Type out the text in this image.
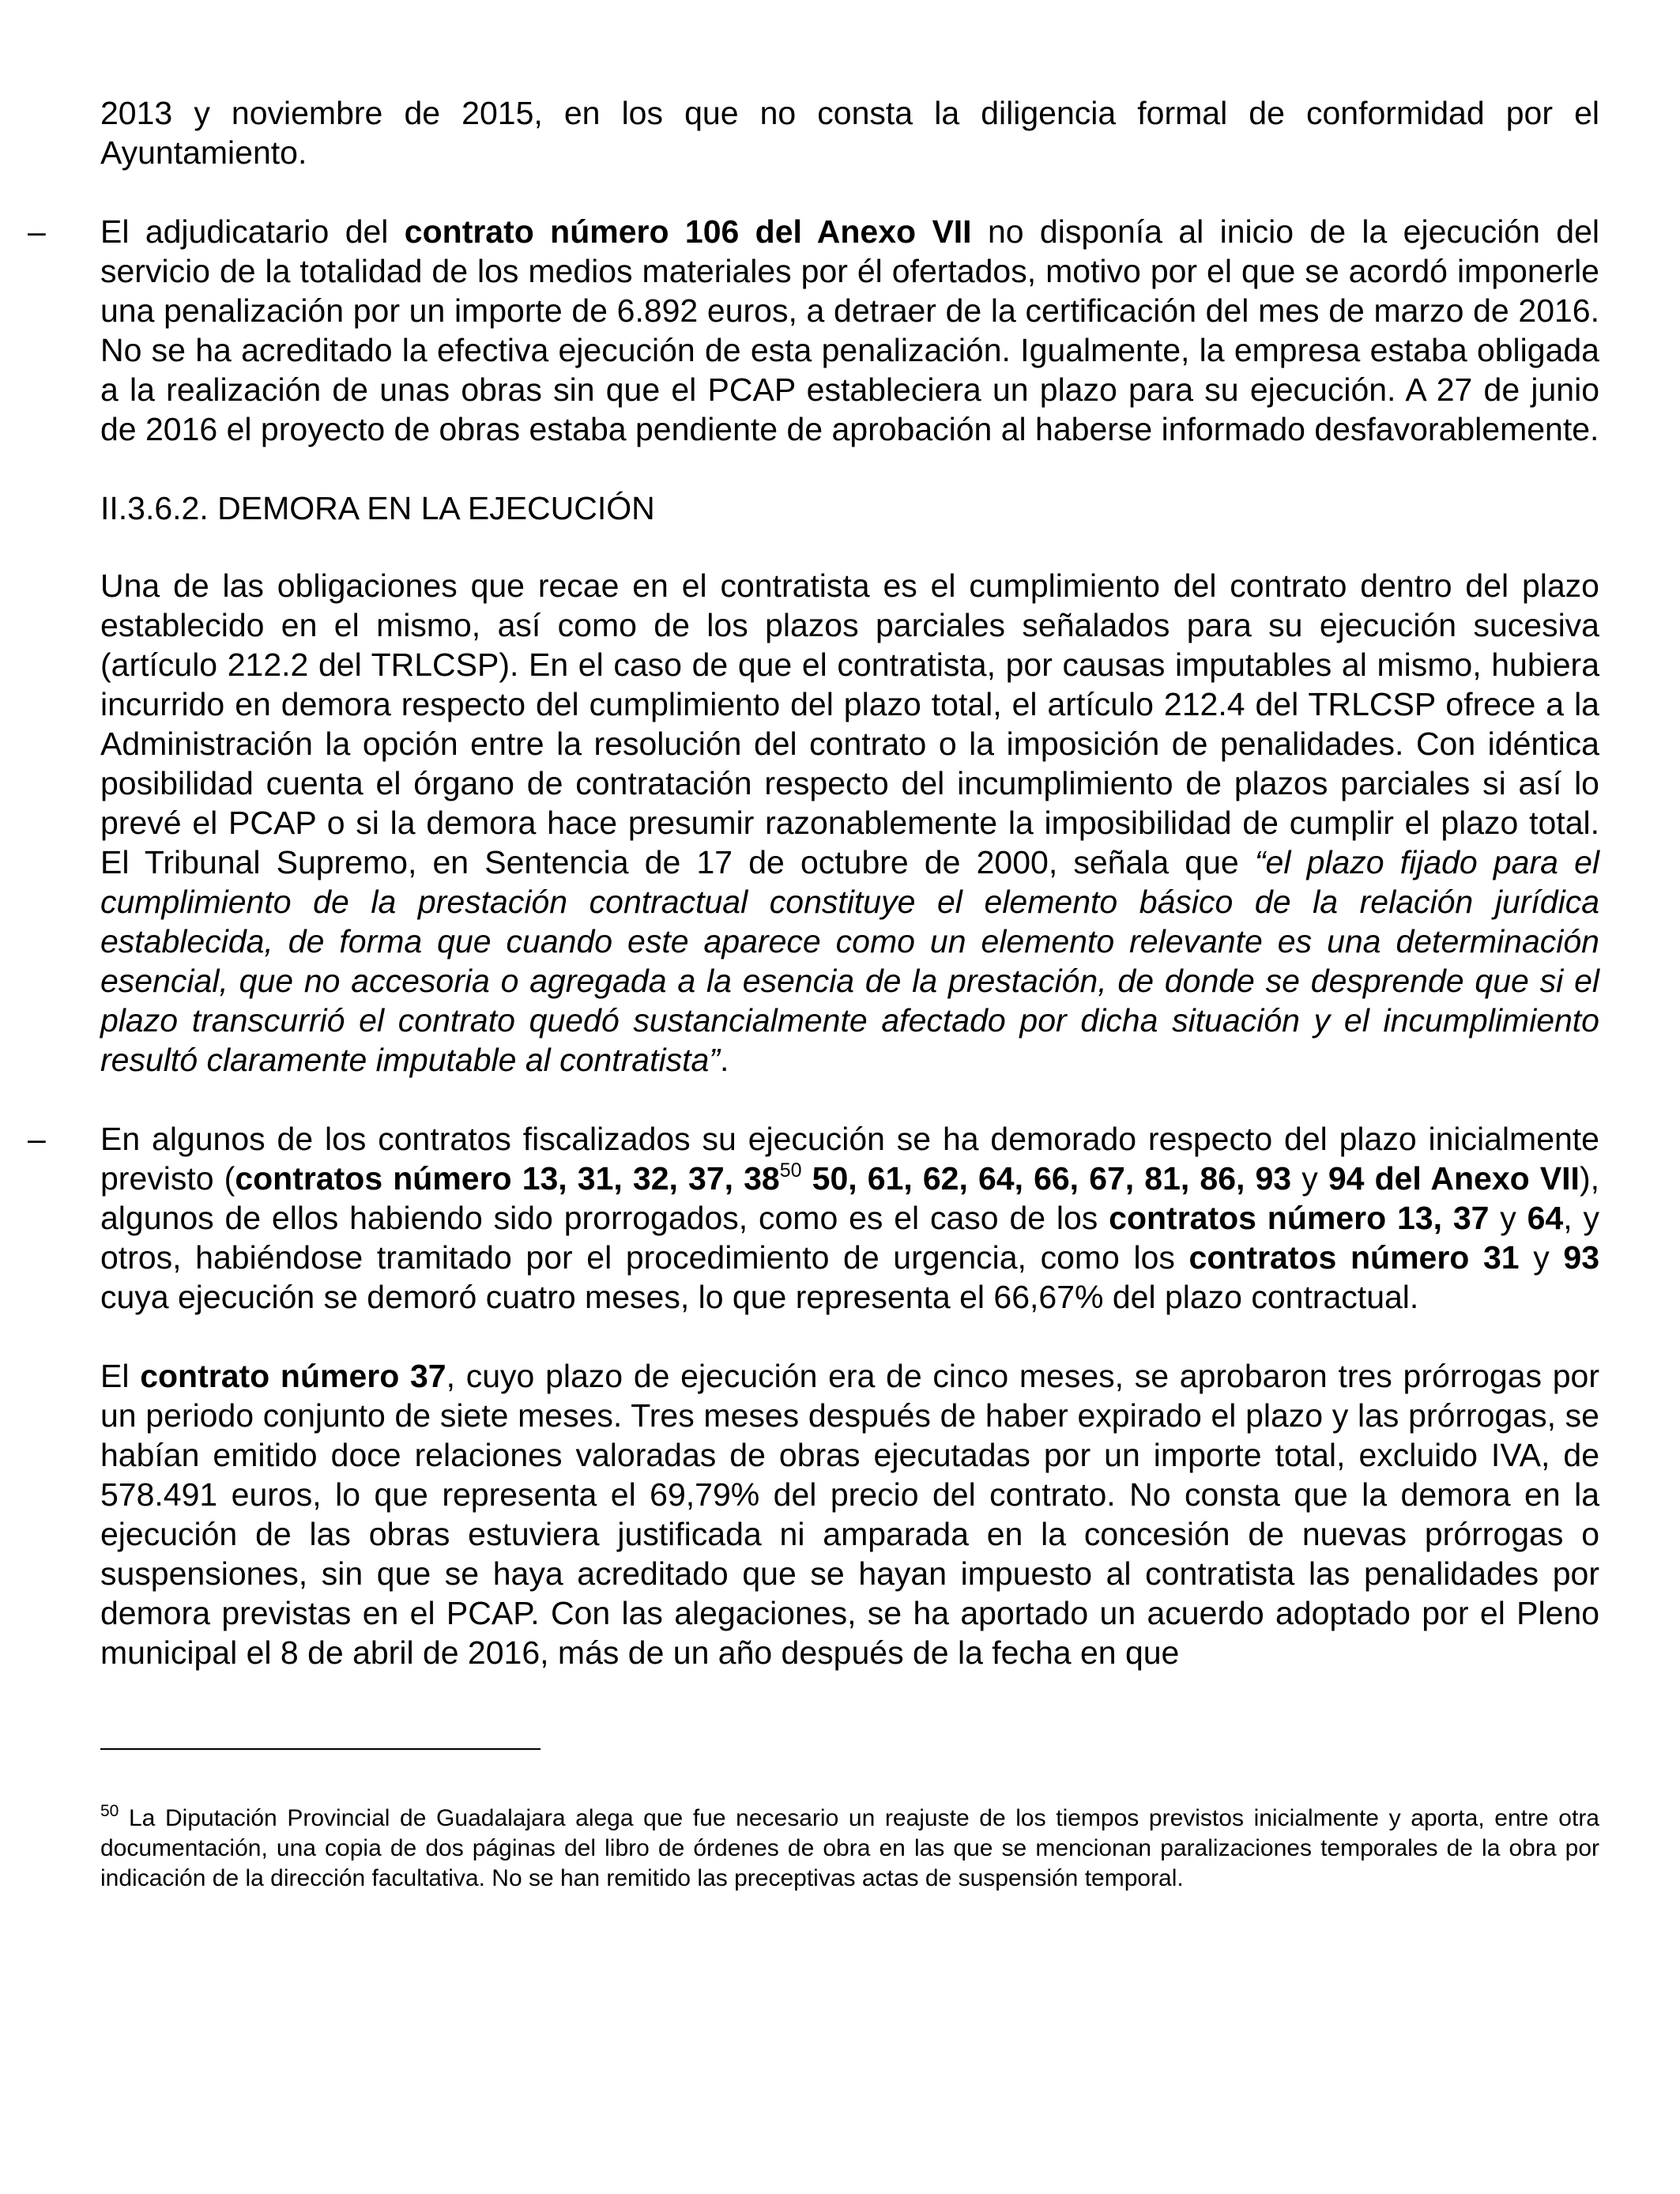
2013 y noviembre de 2015, en los que no consta la diligencia formal de conformidad por el Ayuntamiento.

–	El adjudicatario del contrato número 106 del Anexo VII no disponía al inicio de la ejecución del servicio de la totalidad de los medios materiales por él ofertados, motivo por el que se acordó imponerle una penalización por un importe de 6.892 euros, a detraer de la certificación del mes de marzo de 2016. No se ha acreditado la efectiva ejecución de esta penalización. Igualmente, la empresa estaba obligada a la realización de unas obras sin que el PCAP estableciera un plazo para su ejecución. A 27 de junio de 2016 el proyecto de obras estaba pendiente de aprobación al haberse informado desfavorablemente.

II.3.6.2. DEMORA EN LA EJECUCIÓN

Una de las obligaciones que recae en el contratista es el cumplimiento del contrato dentro del plazo establecido en el mismo, así como de los plazos parciales señalados para su ejecución sucesiva (artículo 212.2 del TRLCSP). En el caso de que el contratista, por causas imputables al mismo, hubiera incurrido en demora respecto del cumplimiento del plazo total, el artículo 212.4 del TRLCSP ofrece a la Administración la opción entre la resolución del contrato o la imposición de penalidades. Con idéntica posibilidad cuenta el órgano de contratación respecto del incumplimiento de plazos parciales si así lo prevé el PCAP o si la demora hace presumir razonablemente la imposibilidad de cumplir el plazo total. El Tribunal Supremo, en Sentencia de 17 de octubre de 2000, señala que “el plazo fijado para el cumplimiento de la prestación contractual constituye el elemento básico de la relación jurídica establecida, de forma que cuando este aparece como un elemento relevante es una determinación esencial, que no accesoria o agregada a la esencia de la prestación, de donde se desprende que si el plazo transcurrió el contrato quedó sustancialmente afectado por dicha situación y el incumplimiento resultó claramente imputable al contratista”.

–	En algunos de los contratos fiscalizados su ejecución se ha demorado respecto del plazo inicialmente previsto (contratos número 13, 31, 32, 37, $38^{50}$ 50, 61, 62, 64, 66, 67, 81, 86, 93 y 94 del Anexo VII), algunos de ellos habiendo sido prorrogados, como es el caso de los contratos número 13, 37 y 64, y otros, habiéndose tramitado por el procedimiento de urgencia, como los contratos número 31 y 93 cuya ejecución se demoró cuatro meses, lo que representa el 66,67% del plazo contractual.

El contrato número 37, cuyo plazo de ejecución era de cinco meses, se aprobaron tres prórrogas por un periodo conjunto de siete meses. Tres meses después de haber expirado el plazo y las prórrogas, se habían emitido doce relaciones valoradas de obras ejecutadas por un importe total, excluido IVA, de 578.491 euros, lo que representa el 69,79% del precio del contrato. No consta que la demora en la ejecución de las obras estuviera justificada ni amparada en la concesión de nuevas prórrogas o suspensiones, sin que se haya acreditado que se hayan impuesto al contratista las penalidades por demora previstas en el PCAP. Con las alegaciones, se ha aportado un acuerdo adoptado por el Pleno municipal el 8 de abril de 2016, más de un año después de la fecha en que

$^{50}$ La Diputación Provincial de Guadalajara alega que fue necesario un reajuste de los tiempos previstos inicialmente y aporta, entre otra documentación, una copia de dos páginas del libro de órdenes de obra en las que se mencionan paralizaciones temporales de la obra por indicación de la dirección facultativa. No se han remitido las preceptivas actas de suspensión temporal.
